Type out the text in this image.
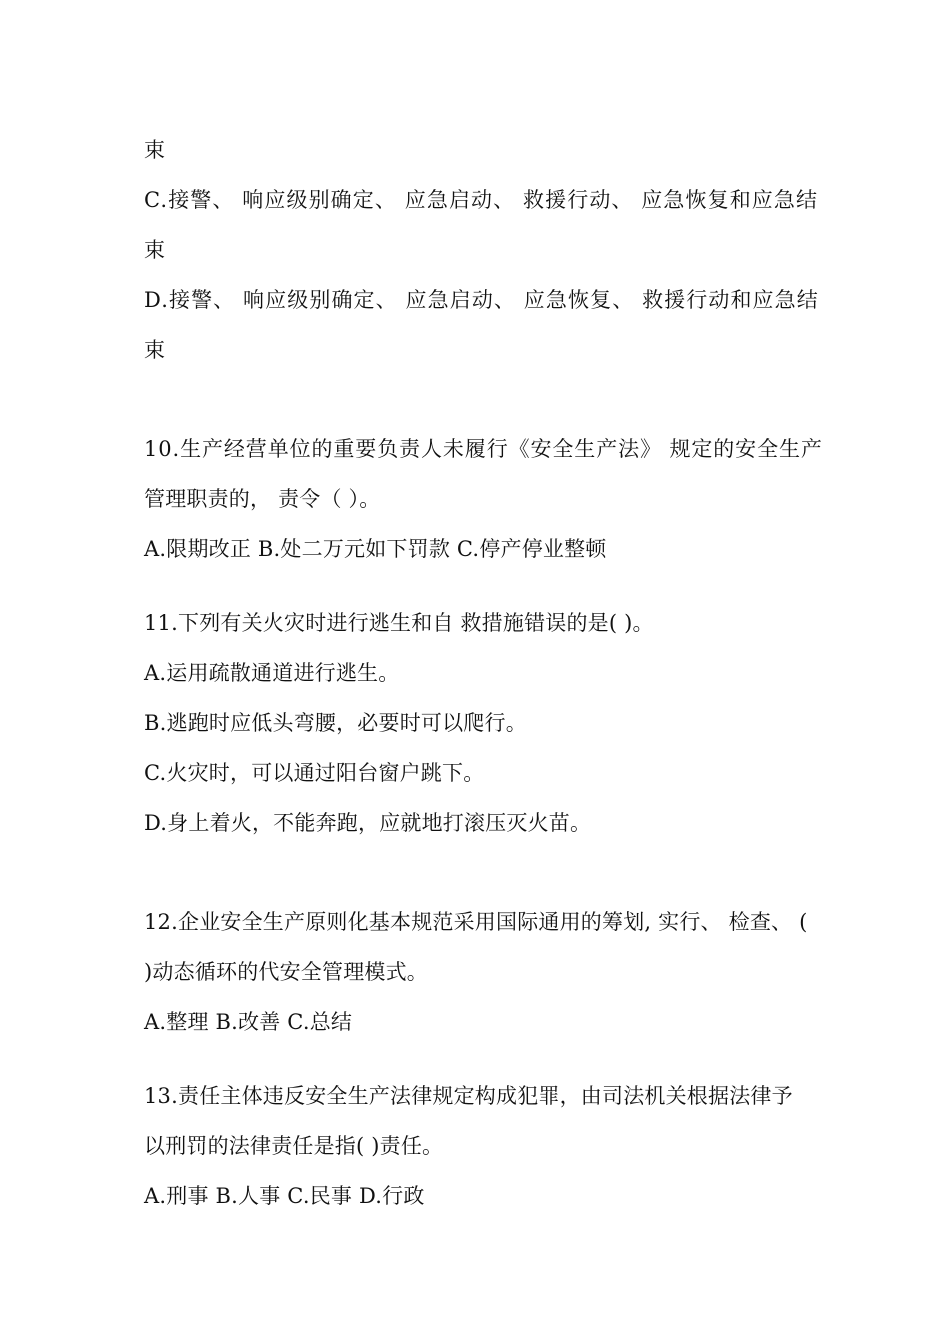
束
C.接警、 响应级别确定、 应急启动、 救援行动、 应急恢复和应急结
束
D.接警、 响应级别确定、 应急启动、 应急恢复、 救援行动和应急结
束
10.生产经营单位的重要负责人未履行《安全生产法》 规定的安全生产
管理职责的， 责令（ ）。
A.限期改正 B.处二万元如下罚款 C.停产停业整顿
11.下列有关火灾时进行逃生和自 救措施错误的是( )。
A.运用疏散通道进行逃生。
B.逃跑时应低头弯腰，必要时可以爬行。
C.火灾时，可以通过阳台窗户跳下。
D.身上着火，不能奔跑，应就地打滚压灭火苗。
12.企业安全生产原则化基本规范采用国际通用的筹划, 实行、 检查、 (
)动态循环的代安全管理模式。
A.整理 B.改善 C.总结
13.责任主体违反安全生产法律规定构成犯罪，由司法机关根据法律予
以刑罚的法律责任是指( )责任。
A.刑事 B.人事 C.民事 D.行政
